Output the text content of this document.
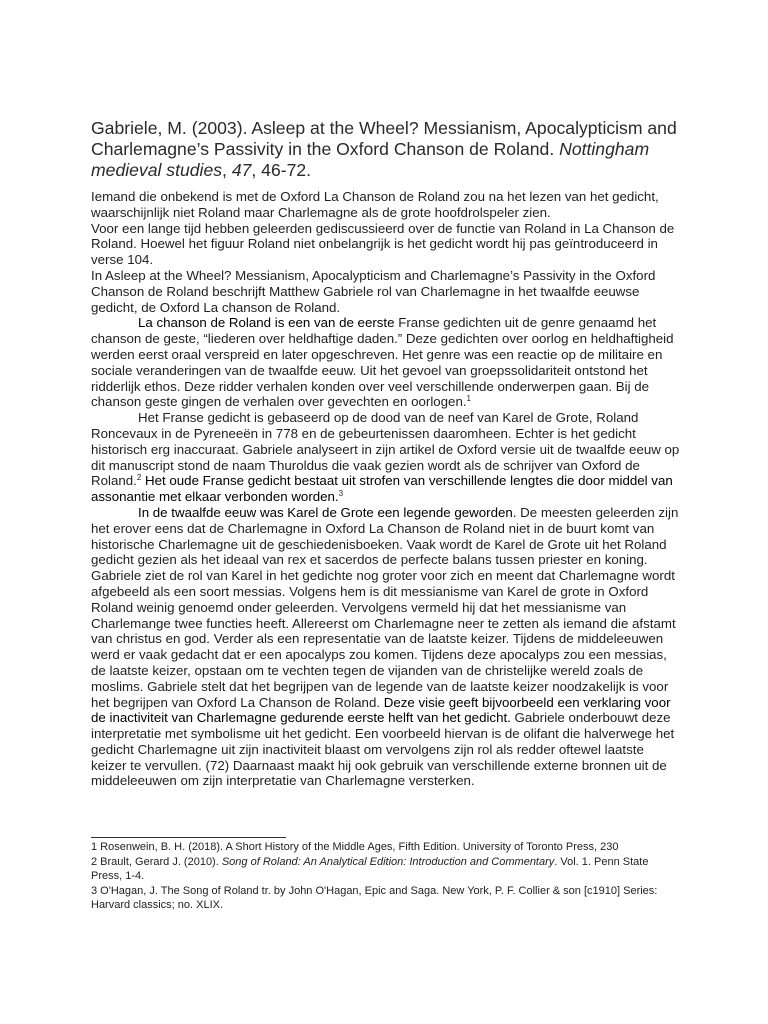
Gabriele, M. (2003). Asleep at the Wheel? Messianism, Apocalypticism and Charlemagne’s Passivity in the Oxford Chanson de Roland. Nottingham medieval studies, 47, 46-72.

Iemand die onbekend is met de Oxford La Chanson de Roland zou na het lezen van het gedicht, waarschijnlijk niet Roland maar Charlemagne als de grote hoofdrolspeler zien.

Voor een lange tijd hebben geleerden gediscussieerd over de functie van Roland in La Chanson de Roland. Hoewel het figuur Roland niet onbelangrijk is het gedicht wordt hij pas geïntroduceerd in verse 104.

In Asleep at the Wheel? Messianism, Apocalypticism and Charlemagne’s Passivity in the Oxford Chanson de Roland beschrijft Matthew Gabriele rol van Charlemagne in het twaalfde eeuwse gedicht, de Oxford La chanson de Roland.

La chanson de Roland is een van de eerste Franse gedichten uit de genre genaamd het chanson de geste, “liederen over heldhaftige daden.” Deze gedichten over oorlog en heldhaftigheid werden eerst oraal verspreid en later opgeschreven. Het genre was een reactie op de militaire en sociale veranderingen van de twaalfde eeuw. Uit het gevoel van groepssolidariteit ontstond het ridderlijk ethos. Deze ridder verhalen konden over veel verschillende onderwerpen gaan. Bij de chanson geste gingen de verhalen over gevechten en oorlogen.$^1$

Het Franse gedicht is gebaseerd op de dood van de neef van Karel de Grote, Roland Roncevaux in de Pyreneeën in 778 en de gebeurtenissen daaromheen. Echter is het gedicht historisch erg inaccuraat. Gabriele analyseert in zijn artikel de Oxford versie uit de twaalfde eeuw op dit manuscript stond de naam Thuroldus die vaak gezien wordt als de schrijver van Oxford de Roland.$^2$ Het oude Franse gedicht bestaat uit strofen van verschillende lengtes die door middel van assonantie met elkaar verbonden worden.$^3$

In de twaalfde eeuw was Karel de Grote een legende geworden. De meesten geleerden zijn het erover eens dat de Charlemagne in Oxford La Chanson de Roland niet in de buurt komt van historische Charlemagne uit de geschiedenisboeken. Vaak wordt de Karel de Grote uit het Roland gedicht gezien als het ideaal van rex et sacerdos de perfecte balans tussen priester en koning. Gabriele ziet de rol van Karel in het gedichte nog groter voor zich en meent dat Charlemagne wordt afgebeeld als een soort messias. Volgens hem is dit messianisme van Karel de grote in Oxford Roland weinig genoemd onder geleerden. Vervolgens vermeld hij dat het messianisme van Charlemange twee functies heeft. Allereerst om Charlemagne neer te zetten als iemand die afstamt van christus en god. Verder als een representatie van de laatste keizer. Tijdens de middeleeuwen werd er vaak gedacht dat er een apocalyps zou komen. Tijdens deze apocalyps zou een messias, de laatste keizer, opstaan om te vechten tegen de vijanden van de christelijke wereld zoals de moslims. Gabriele stelt dat het begrijpen van de legende van de laatste keizer noodzakelijk is voor het begrijpen van Oxford La Chanson de Roland. Deze visie geeft bijvoorbeeld een verklaring voor de inactiviteit van Charlemagne gedurende eerste helft van het gedicht. Gabriele onderbouwt deze interpretatie met symbolisme uit het gedicht. Een voorbeeld hiervan is de olifant die halverwege het gedicht Charlemagne uit zijn inactiviteit blaast om vervolgens zijn rol als redder oftewel laatste keizer te vervullen. (72) Daarnaast maakt hij ook gebruik van verschillende externe bronnen uit de middeleeuwen om zijn interpretatie van Charlemagne versterken.

1 Rosenwein, B. H. (2018). A Short History of the Middle Ages, Fifth Edition. University of Toronto Press, 230

2 Brault, Gerard J. (2010). Song of Roland: An Analytical Edition: Introduction and Commentary. Vol. 1. Penn State Press, 1-4.

3 O'Hagan, J. The Song of Roland tr. by John O'Hagan, Epic and Saga. New York, P. F. Collier & son [c1910] Series: Harvard classics; no. XLIX.
